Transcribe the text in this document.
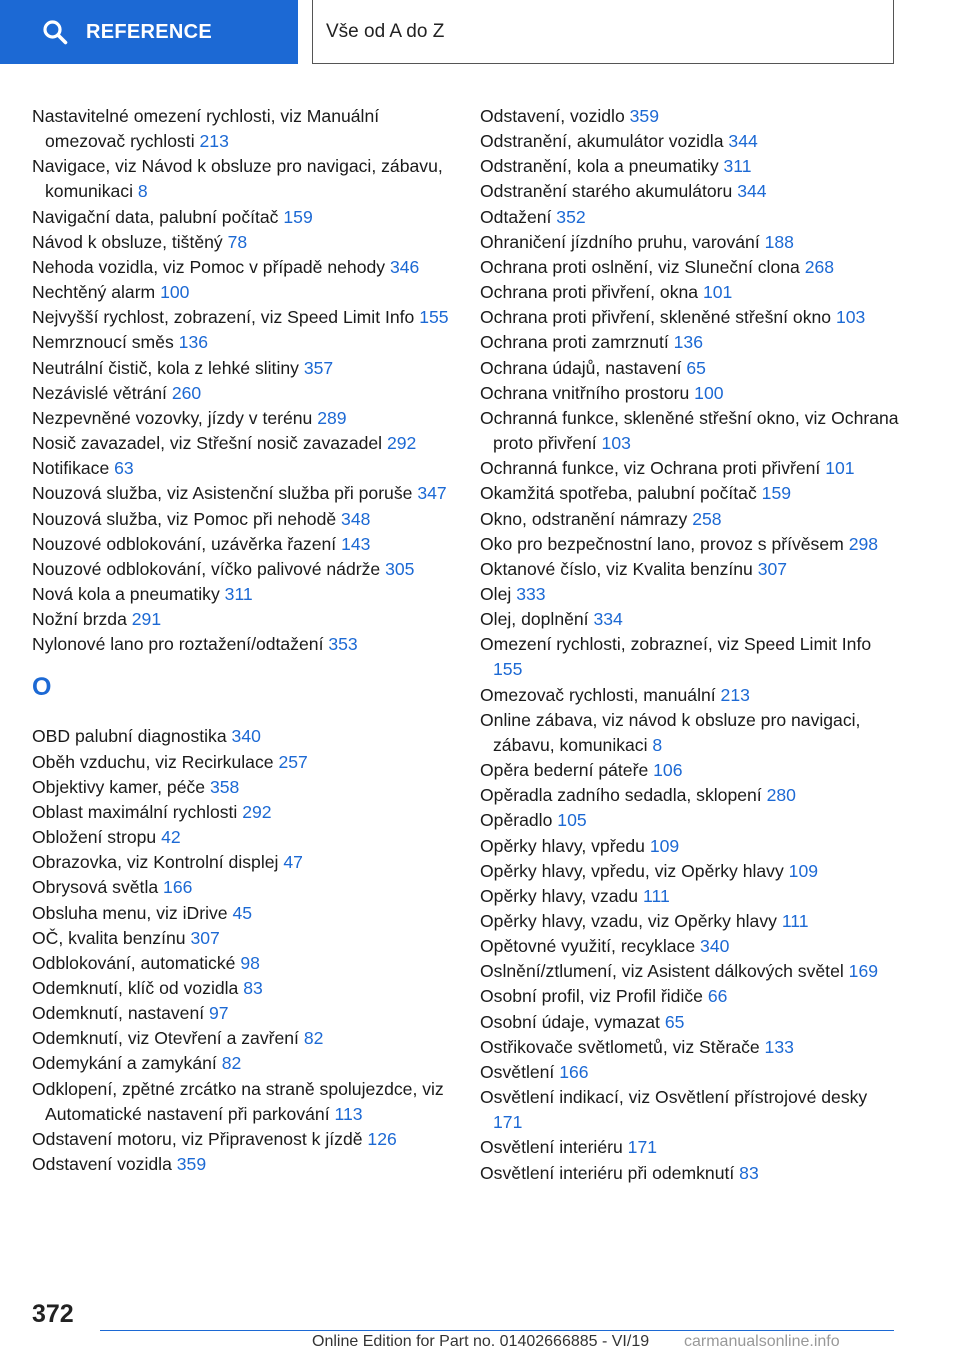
REFERENCE	Vše od A do Z
Nastavitelné omezení rychlosti, viz Manuální omezovač rychlosti 213
Navigace, viz Návod k obsluze pro navigaci, zábavu, komunikaci 8
Navigační data, palubní počítač 159
Návod k obsluze, tištěný 78
Nehoda vozidla, viz Pomoc v případě nehody 346
Nechtěný alarm 100
Nejvyšší rychlost, zobrazení, viz Speed Limit Info 155
Nemrznoucí směs 136
Neutrální čistič, kola z lehké slitiny 357
Nezávislé větrání 260
Nezpevněné vozovky, jízdy v terénu 289
Nosič zavazadel, viz Střešní nosič zavazadel 292
Notifikace 63
Nouzová služba, viz Asistenční služba při poruše 347
Nouzová služba, viz Pomoc při nehodě 348
Nouzové odblokování, uzávěrka řazení 143
Nouzové odblokování, víčko palivové nádrže 305
Nová kola a pneumatiky 311
Nožní brzda 291
Nylonové lano pro roztažení/odtažení 353
O
OBD palubní diagnostika 340
Oběh vzduchu, viz Recirkulace 257
Objektivy kamer, péče 358
Oblast maximální rychlosti 292
Obložení stropu 42
Obrazovka, viz Kontrolní displej 47
Obrysová světla 166
Obsluha menu, viz iDrive 45
OČ, kvalita benzínu 307
Odblokování, automatické 98
Odemknutí, klíč od vozidla 83
Odemknutí, nastavení 97
Odemknutí, viz Otevření a zavření 82
Odemykání a zamykání 82
Odklopení, zpětné zrcátko na straně spolujezdce, viz Automatické nastavení při parkování 113
Odstavení motoru, viz Připravenost k jízdě 126
Odstavení vozidla 359
Odstavení, vozidlo 359
Odstranění, akumulátor vozidla 344
Odstranění, kola a pneumatiky 311
Odstranění starého akumulátoru 344
Odtažení 352
Ohraničení jízdního pruhu, varování 188
Ochrana proti oslnění, viz Sluneční clona 268
Ochrana proti přivření, okna 101
Ochrana proti přivření, skleněné střešní okno 103
Ochrana proti zamrznutí 136
Ochrana údajů, nastavení 65
Ochrana vnitřního prostoru 100
Ochranná funkce, skleněné střešní okno, viz Ochrana proto přivření 103
Ochranná funkce, viz Ochrana proti přivření 101
Okamžitá spotřeba, palubní počítač 159
Okno, odstranění námrazy 258
Oko pro bezpečnostní lano, provoz s přívěsem 298
Oktanové číslo, viz Kvalita benzínu 307
Olej 333
Olej, doplnění 334
Omezení rychlosti, zobrazneí, viz Speed Limit Info 155
Omezovač rychlosti, manuální 213
Online zábava, viz návod k obsluze pro navigaci, zábavu, komunikaci 8
Opěra bederní páteře 106
Opěradla zadního sedadla, sklopení 280
Opěradlo 105
Opěrky hlavy, vpředu 109
Opěrky hlavy, vpředu, viz Opěrky hlavy 109
Opěrky hlavy, vzadu 111
Opěrky hlavy, vzadu, viz Opěrky hlavy 111
Opětovné využití, recyklace 340
Oslnění/ztlumení, viz Asistent dálkových světel 169
Osobní profil, viz Profil řidiče 66
Osobní údaje, vymazat 65
Ostřikovače světlometů, viz Stěrače 133
Osvětlení 166
Osvětlení indikací, viz Osvětlení přístrojové desky 171
Osvětlení interiéru 171
Osvětlení interiéru při odemknutí 83
372
Online Edition for Part no. 01402666885 - VI/19 carmanualsonline.info
